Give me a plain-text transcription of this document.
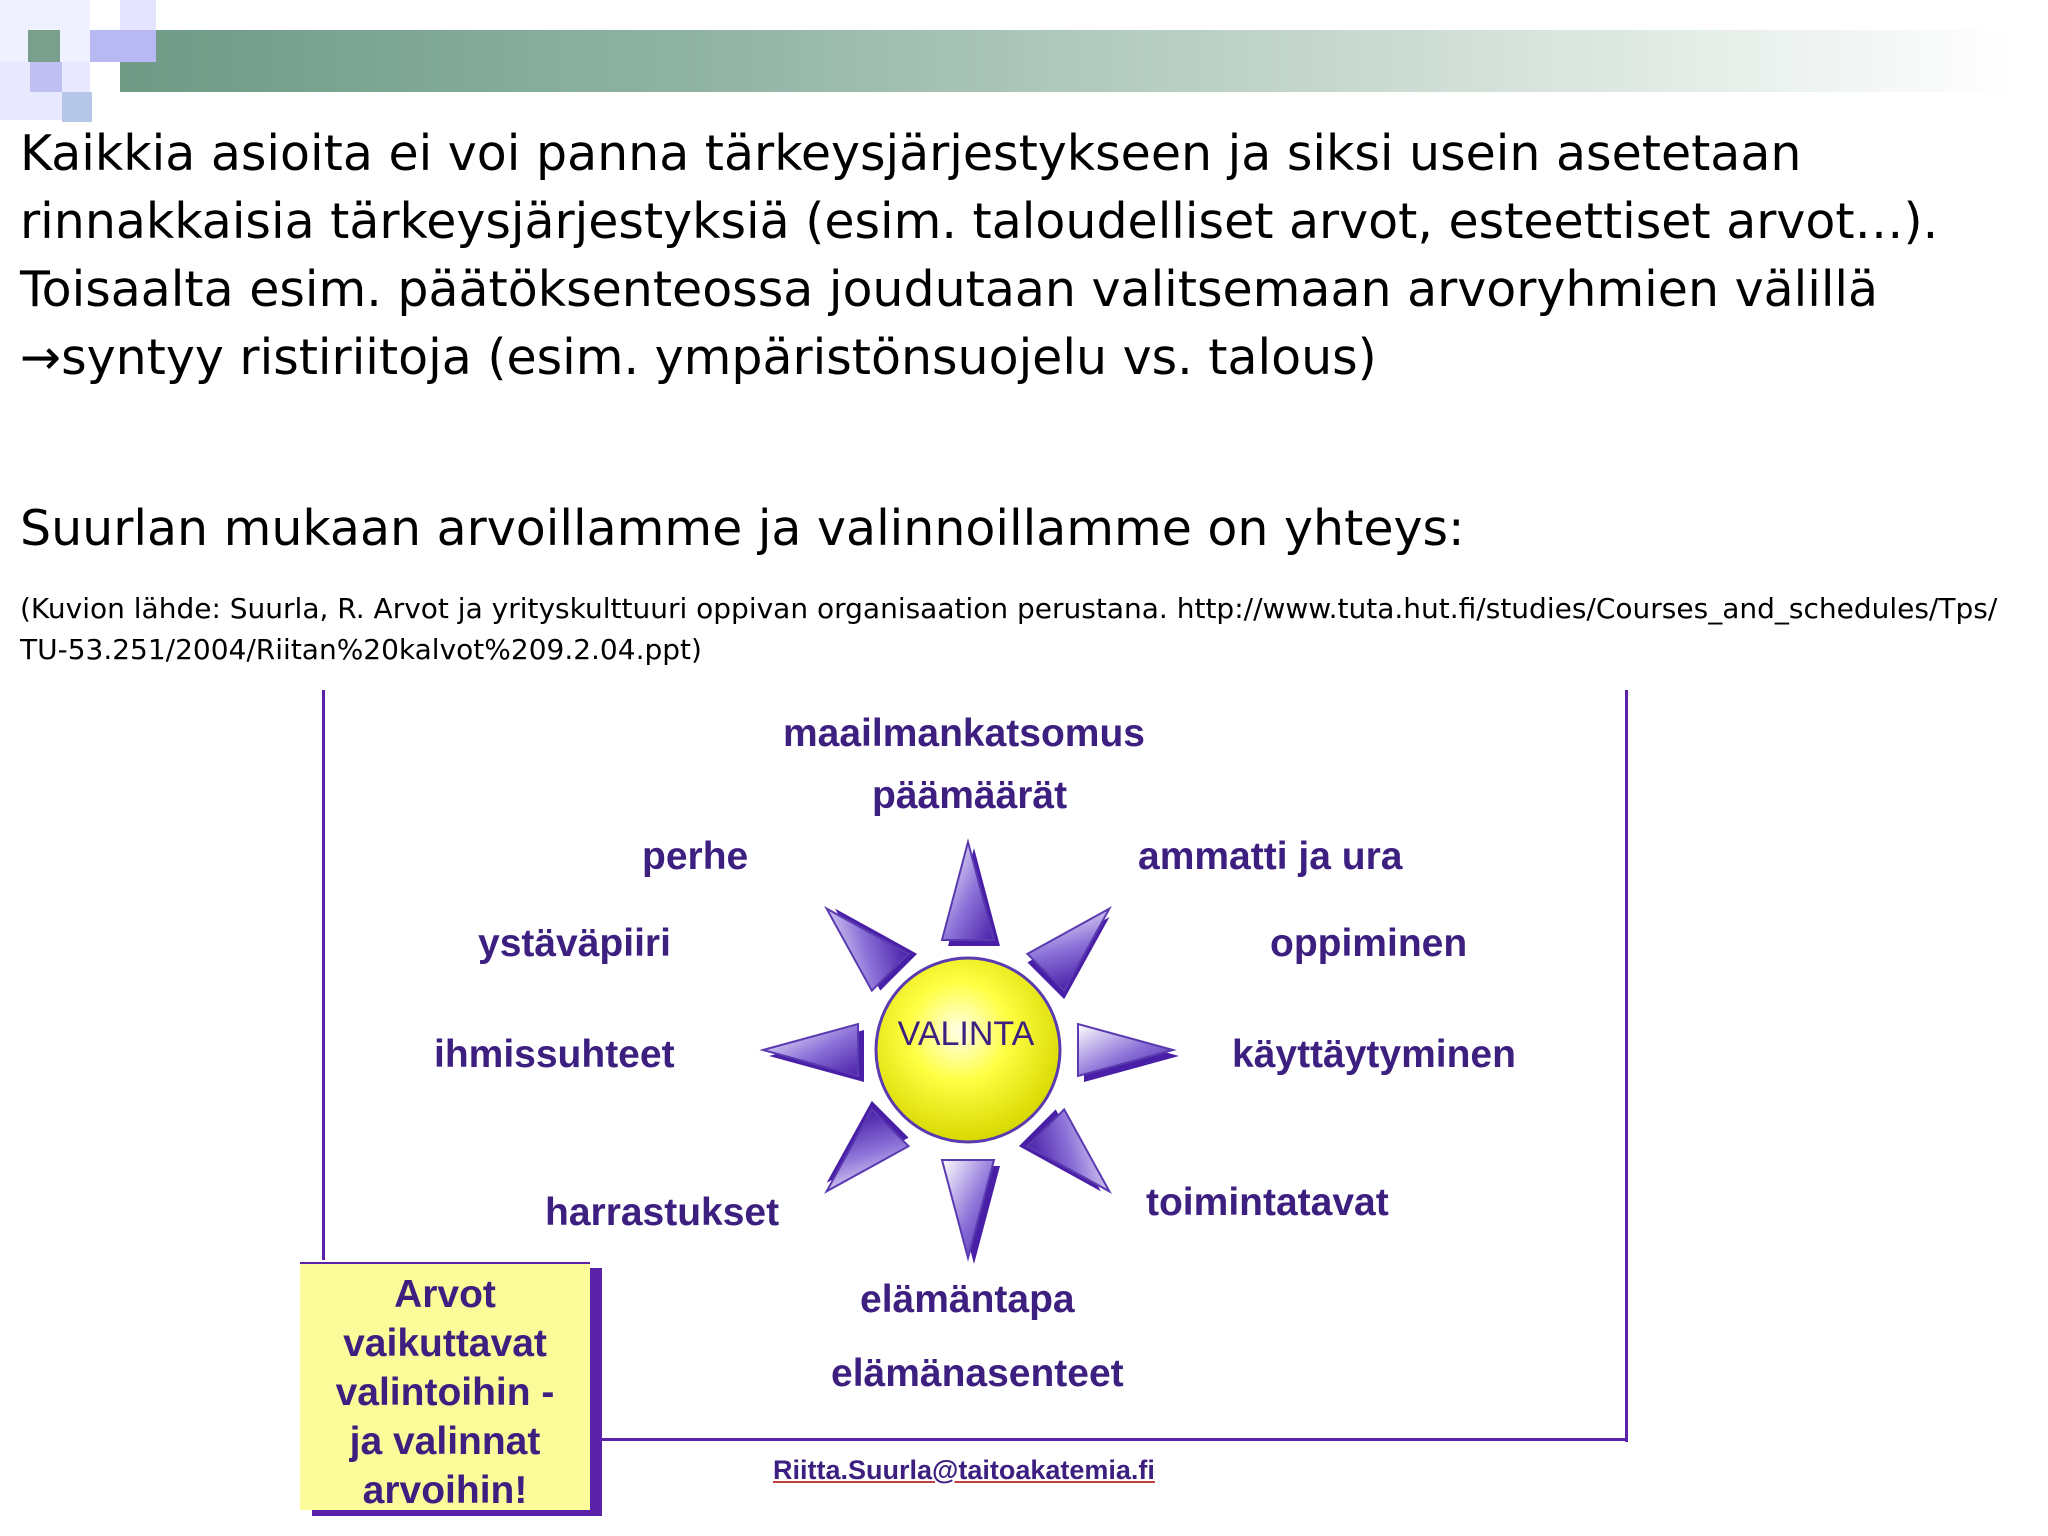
Kaikkia asioita ei voi panna tärkeysjärjestykseen ja siksi usein asetetaan rinnakkaisia tärkeysjärjestyksiä (esim. taloudelliset arvot, esteettiset arvot…). Toisaalta esim. päätöksenteossa joudutaan valitsemaan arvoryhmien välillä →syntyy ristiriitoja (esim. ympäristönsuojelu vs. talous)
Suurlan mukaan arvoillamme ja valinnoillamme on yhteys:
(Kuvion lähde: Suurla, R. Arvot ja yrityskulttuuri oppivan organisaation perustana. http://www.tuta.hut.fi/studies/Courses_and_schedules/Tps/
TU-53.251/2004/Riitan%20kalvot%209.2.04.ppt)
VALINTA
maailmankatsomus
päämäärät
perhe	ammatti ja ura
ystäväpiiri	oppiminen
ihmissuhteet	käyttäytyminen
harrastukset	toimintatavat
elämäntapa
elämänasenteet
Arvot
vaikuttavat
valintoihin -
ja valinnat
arvoihin!	Riitta.Suurla@taitoakatemia.fi
